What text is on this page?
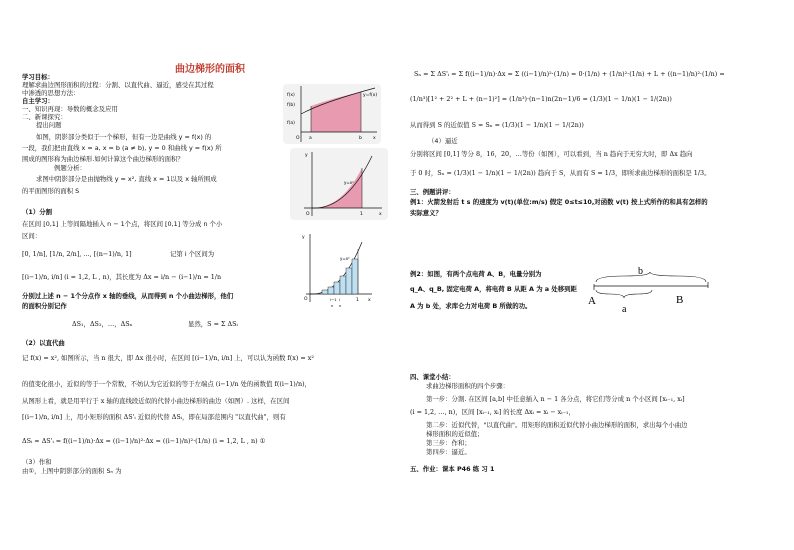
曲边梯形的面积
学习目标：
理解求曲边图形面积的过程：分割、以直代曲、逼近，感受在其过程
中渗透的思想方法：
自主学习：
一、知识再现：导数的概念及应用
二、新课探究：
提出问题
如图，阴影部分类似于一个梯形，但有一边是曲线 y = f(x) 的
一段，我们把由直线 x = a, x = b (a ≠ b), y = 0 和曲线 y = f(x) 所
围成的图形称为曲边梯形.如何计算这个曲边梯形的面积？
例题分析：
求图中阴影部分是由抛物线 y = x², 直线 x = 1以及 x 轴所围成
的平面图形的面积 S
（1）分割
在区间 [0,1] 上等间隔地插入 n − 1个点，将区间 [0,1] 等分成 n 个小
区间：
[0, 1/n], [1/n, 2/n], …, [(n−1)/n, 1]	记第 i 个区间为
[(i−1)/n, i/n] (i = 1,2, L , n)，其长度为 Δx = i/n − (i−1)/n = 1/n
分别过上述 n − 1个分点作 x 轴的垂线，从而得到 n 个小曲边梯形，他们
的面积分别记作
ΔS₁，ΔS₂，…，ΔSₙ	显然，S = Σ ΔSᵢ
（2）以直代曲
记 f(x) = x², 如图所示，当 n 很大，即 Δx 很小时，在区间 [(i−1)/n, i/n] 上，可以认为函数 f(x) = x²
的值变化很小，近似的等于一个常数，不妨认为它近似的等于左端点 (i−1)/n 处的函数值 f((i−1)/n)，
从图形上看，就是用平行于 x 轴的直线段近似的代替小曲边梯形的曲边（如图）. 这样，在区间
[(i−1)/n, i/n] 上，用小矩形的面积 ΔS'ᵢ 近似的代替 ΔSᵢ，即在局部范围内 "以直代曲"，则有
ΔSᵢ ≈ ΔS'ᵢ = f((i−1)/n)·Δx = ((i−1)/n)²·Δx = ((i−1)/n)²·(1/n) (i = 1,2, L , n) ①
（3）作和
由①，上图中阴影部分的面积 Sₙ 为
f(x)
f(b)
f(a)
y=f(x)
O a	b x
y
y=x²
O	1	x
y
y=x²
O	i−1 i
n n
1 x
Sₙ = Σ ΔS'ᵢ = Σ f((i−1)/n)·Δx = Σ ((i−1)/n)²·(1/n) = 0·(1/n) + (1/n)²·(1/n) + L + ((n−1)/n)²·(1/n) =
(1/n³)[1² + 2² + L + (n−1)²] = (1/n³)·(n−1)n(2n−1)/6 = (1/3)(1 − 1/n)(1 − 1/(2n))
从而得到 S 的近似值 S ≈ Sₙ = (1/3)(1 − 1/n)(1 − 1/(2n))
（4）逼近
分别将区间 [0,1] 等分 8，16，20，…等份（如图），可以看到，当 n 趋向于无穷大时，即 Δx 趋向
于 0 时，Sₙ = (1/3)(1 − 1/n)(1 − 1/(2n)) 趋向于 S，从而有 S = 1/3，即所求曲边梯形的面积是 1/3。
三、例题讲评：
例1：火箭发射后 t s 的速度为 v(t)(单位:m/s) 假定 0≤t≤10,对函数 v(t) 按上式所作的和具有怎样的
实际意义？
例2：如图，有两个点电荷 A、B，电量分别为
q_A、q_B, 固定电荷 A，将电荷 B 从距 A 为 a 处移到距
A 为 b 处，求库仑力对电荷 B 所做的功。
b
A	B
a
四、课堂小结：
求曲边梯形面积的四个步骤：
第一步：分割. 在区间 [a,b] 中任意插入 n − 1 各分点，将它们等分成 n 个小区间 [xᵢ₋₁, xᵢ]
(i = 1,2, …, n)，区间 [xᵢ₋₁, xᵢ] 的长度 Δxᵢ = xᵢ − xᵢ₋₁，
第二步：近似代替，"以直代曲"。用矩形的面积近似代替小曲边梯形的面积，求出每个小曲边
梯形面积的近似值；
第三步：作和；
第四步：逼近。
五、作业：课本 P46 练 习 1
